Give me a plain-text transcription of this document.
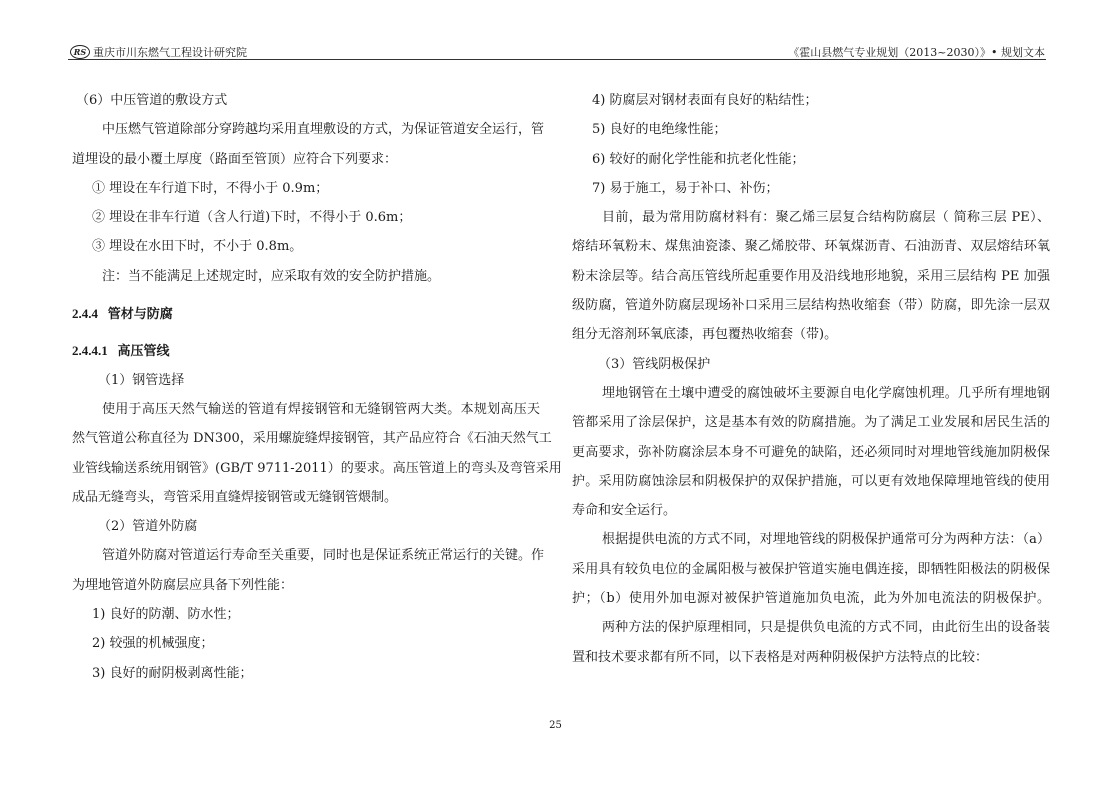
RS 重庆市川东燃气工程设计研究院	《霍山县燃气专业规划（2013~2030）》• 规划文本
（6）中压管道的敷设方式
中压燃气管道除部分穿跨越均采用直埋敷设的方式，为保证管道安全运行，管
道埋设的最小覆土厚度（路面至管顶）应符合下列要求：
① 埋设在车行道下时，不得小于 0.9m；
② 埋设在非车行道（含人行道)下时，不得小于 0.6m；
③ 埋设在水田下时，不小于 0.8m。
注：当不能满足上述规定时，应采取有效的安全防护措施。
2.4.4 管材与防腐
2.4.4.1 高压管线
（1）钢管选择
使用于高压天然气输送的管道有焊接钢管和无缝钢管两大类。本规划高压天
然气管道公称直径为 DN300，采用螺旋缝焊接钢管，其产品应符合《石油天然气工
业管线输送系统用钢管》(GB/T 9711-2011）的要求。高压管道上的弯头及弯管采用
成品无缝弯头，弯管采用直缝焊接钢管或无缝钢管煨制。
（2）管道外防腐
管道外防腐对管道运行寿命至关重要，同时也是保证系统正常运行的关键。作
为埋地管道外防腐层应具备下列性能：
1) 良好的防潮、防水性；
2) 较强的机械强度；
3) 良好的耐阴极剥离性能；
4) 防腐层对钢材表面有良好的粘结性；
5) 良好的电绝缘性能；
6) 较好的耐化学性能和抗老化性能；
7) 易于施工，易于补口、补伤；
目前，最为常用防腐材料有：聚乙烯三层复合结构防腐层（ 简称三层 PE）、
熔结环氧粉末、煤焦油瓷漆、聚乙烯胶带、环氧煤沥青、石油沥青、双层熔结环氧
粉末涂层等。结合高压管线所起重要作用及沿线地形地貌，采用三层结构 PE 加强
级防腐，管道外防腐层现场补口采用三层结构热收缩套（带）防腐，即先涂一层双
组分无溶剂环氧底漆，再包覆热收缩套（带)。
（3）管线阴极保护
埋地钢管在土壤中遭受的腐蚀破坏主要源自电化学腐蚀机理。几乎所有埋地钢
管都采用了涂层保护，这是基本有效的防腐措施。为了满足工业发展和居民生活的
更高要求，弥补防腐涂层本身不可避免的缺陷，还必须同时对埋地管线施加阴极保
护。采用防腐蚀涂层和阴极保护的双保护措施，可以更有效地保障埋地管线的使用
寿命和安全运行。
根据提供电流的方式不同，对埋地管线的阴极保护通常可分为两种方法：（a）
采用具有较负电位的金属阳极与被保护管道实施电偶连接，即牺牲阳极法的阴极保
护；（b）使用外加电源对被保护管道施加负电流，此为外加电流法的阴极保护。
两种方法的保护原理相同，只是提供负电流的方式不同，由此衍生出的设备装
置和技术要求都有所不同，以下表格是对两种阴极保护方法特点的比较：
25
